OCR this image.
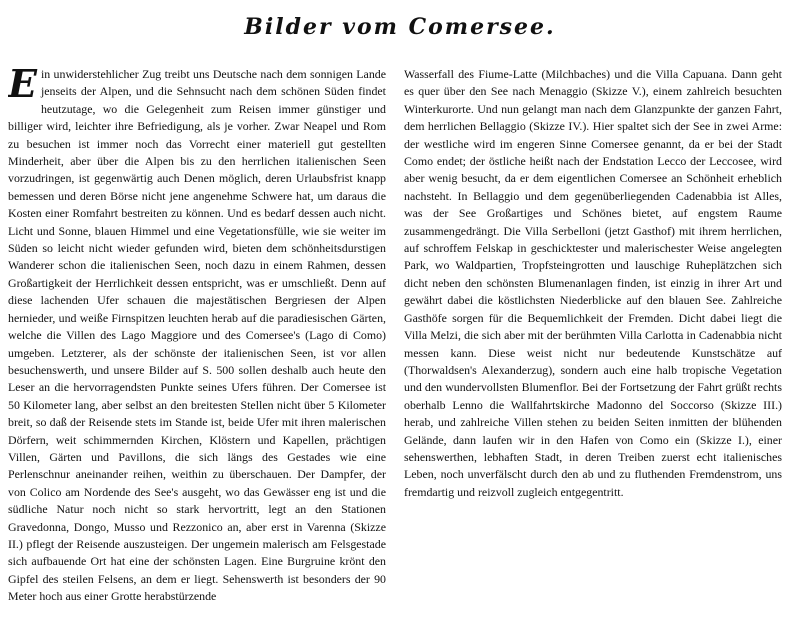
Bilder vom Comersee.

Ein unwiderstehlicher Zug treibt uns Deutsche nach dem sonnigen Lande jenseits der Alpen, und die Sehnsucht nach dem schönen Süden findet heutzutage, wo die Gelegenheit zum Reisen immer günstiger und billiger wird, leichter ihre Befriedigung, als je vorher. Zwar Neapel und Rom zu besuchen ist immer noch das Vorrecht einer materiell gut gestellten Minderheit, aber über die Alpen bis zu den herrlichen italienischen Seen vorzudringen, ist gegenwärtig auch Denen möglich, deren Urlaubsfrist knapp bemessen und deren Börse nicht jene angenehme Schwere hat, um daraus die Kosten einer Romfahrt bestreiten zu können. Und es bedarf dessen auch nicht. Licht und Sonne, blauen Himmel und eine Vegetationsfülle, wie sie weiter im Süden so leicht nicht wieder gefunden wird, bieten dem schönheitsdurstigen Wanderer schon die italienischen Seen, noch dazu in einem Rahmen, dessen Großartigkeit der Herrlichkeit dessen entspricht, was er umschließt. Denn auf diese lachenden Ufer schauen die majestätischen Bergriesen der Alpen hernieder, und weiße Firnspitzen leuchten herab auf die paradiesischen Gärten, welche die Villen des Lago Maggiore und des Comersee's (Lago di Como) umgeben. Letzterer, als der schönste der italienischen Seen, ist vor allen besuchenswerth, und unsere Bilder auf S. 500 sollen deshalb auch heute den Leser an die hervorragendsten Punkte seines Ufers führen. Der Comersee ist 50 Kilometer lang, aber selbst an den breitesten Stellen nicht über 5 Kilometer breit, so daß der Reisende stets im Stande ist, beide Ufer mit ihren malerischen Dörfern, weit schimmernden Kirchen, Klöstern und Kapellen, prächtigen Villen, Gärten und Pavillons, die sich längs des Gestades wie eine Perlenschnur aneinander reihen, weithin zu überschauen. Der Dampfer, der von Colico am Nordende des See's ausgeht, wo das Gewässer eng ist und die südliche Natur noch nicht so stark hervortritt, legt an den Stationen Gravedonna, Dongo, Musso und Rezzonico an, aber erst in Varenna (Skizze II.) pflegt der Reisende auszusteigen. Der ungemein malerisch am Felsgestade sich aufbauende Ort hat eine der schönsten Lagen. Eine Burgruine krönt den Gipfel des steilen Felsens, an dem er liegt. Sehenswerth ist besonders der 90 Meter hoch aus einer Grotte herabstürzende

Wasserfall des Fiume-Latte (Milchbaches) und die Villa Capuana. Dann geht es quer über den See nach Menaggio (Skizze V.), einem zahlreich besuchten Winterkurorte. Und nun gelangt man nach dem Glanzpunkte der ganzen Fahrt, dem herrlichen Bellaggio (Skizze IV.). Hier spaltet sich der See in zwei Arme: der westliche wird im engeren Sinne Comersee genannt, da er bei der Stadt Como endet; der östliche heißt nach der Endstation Lecco der Leccosee, wird aber wenig besucht, da er dem eigentlichen Comersee an Schönheit erheblich nachsteht. In Bellaggio und dem gegenüberliegenden Cadenabbia ist Alles, was der See Großartiges und Schönes bietet, auf engstem Raume zusammengedrängt. Die Villa Serbelloni (jetzt Gasthof) mit ihrem herrlichen, auf schroffem Felskap in geschicktester und malerischester Weise angelegten Park, wo Waldpartien, Tropfsteingrotten und lauschige Ruheplätzchen sich dicht neben den schönsten Blumenanlagen finden, ist einzig in ihrer Art und gewährt dabei die köstlichsten Niederblicke auf den blauen See. Zahlreiche Gasthöfe sorgen für die Bequemlichkeit der Fremden. Dicht dabei liegt die Villa Melzi, die sich aber mit der berühmten Villa Carlotta in Cadenabbia nicht messen kann. Diese weist nicht nur bedeutende Kunstschätze auf (Thorwaldsen's Alexanderzug), sondern auch eine halb tropische Vegetation und den wundervollsten Blumenflor. Bei der Fortsetzung der Fahrt grüßt rechts oberhalb Lenno die Wallfahrtskirche Madonno del Soccorso (Skizze III.) herab, und zahlreiche Villen stehen zu beiden Seiten inmitten der blühenden Gelände, dann laufen wir in den Hafen von Como ein (Skizze I.), einer sehenswerthen, lebhaften Stadt, in deren Treiben zuerst echt italienisches Leben, noch unverfälscht durch den ab und zu fluthenden Fremdenstrom, uns fremdartig und reizvoll zugleich entgegentritt.
